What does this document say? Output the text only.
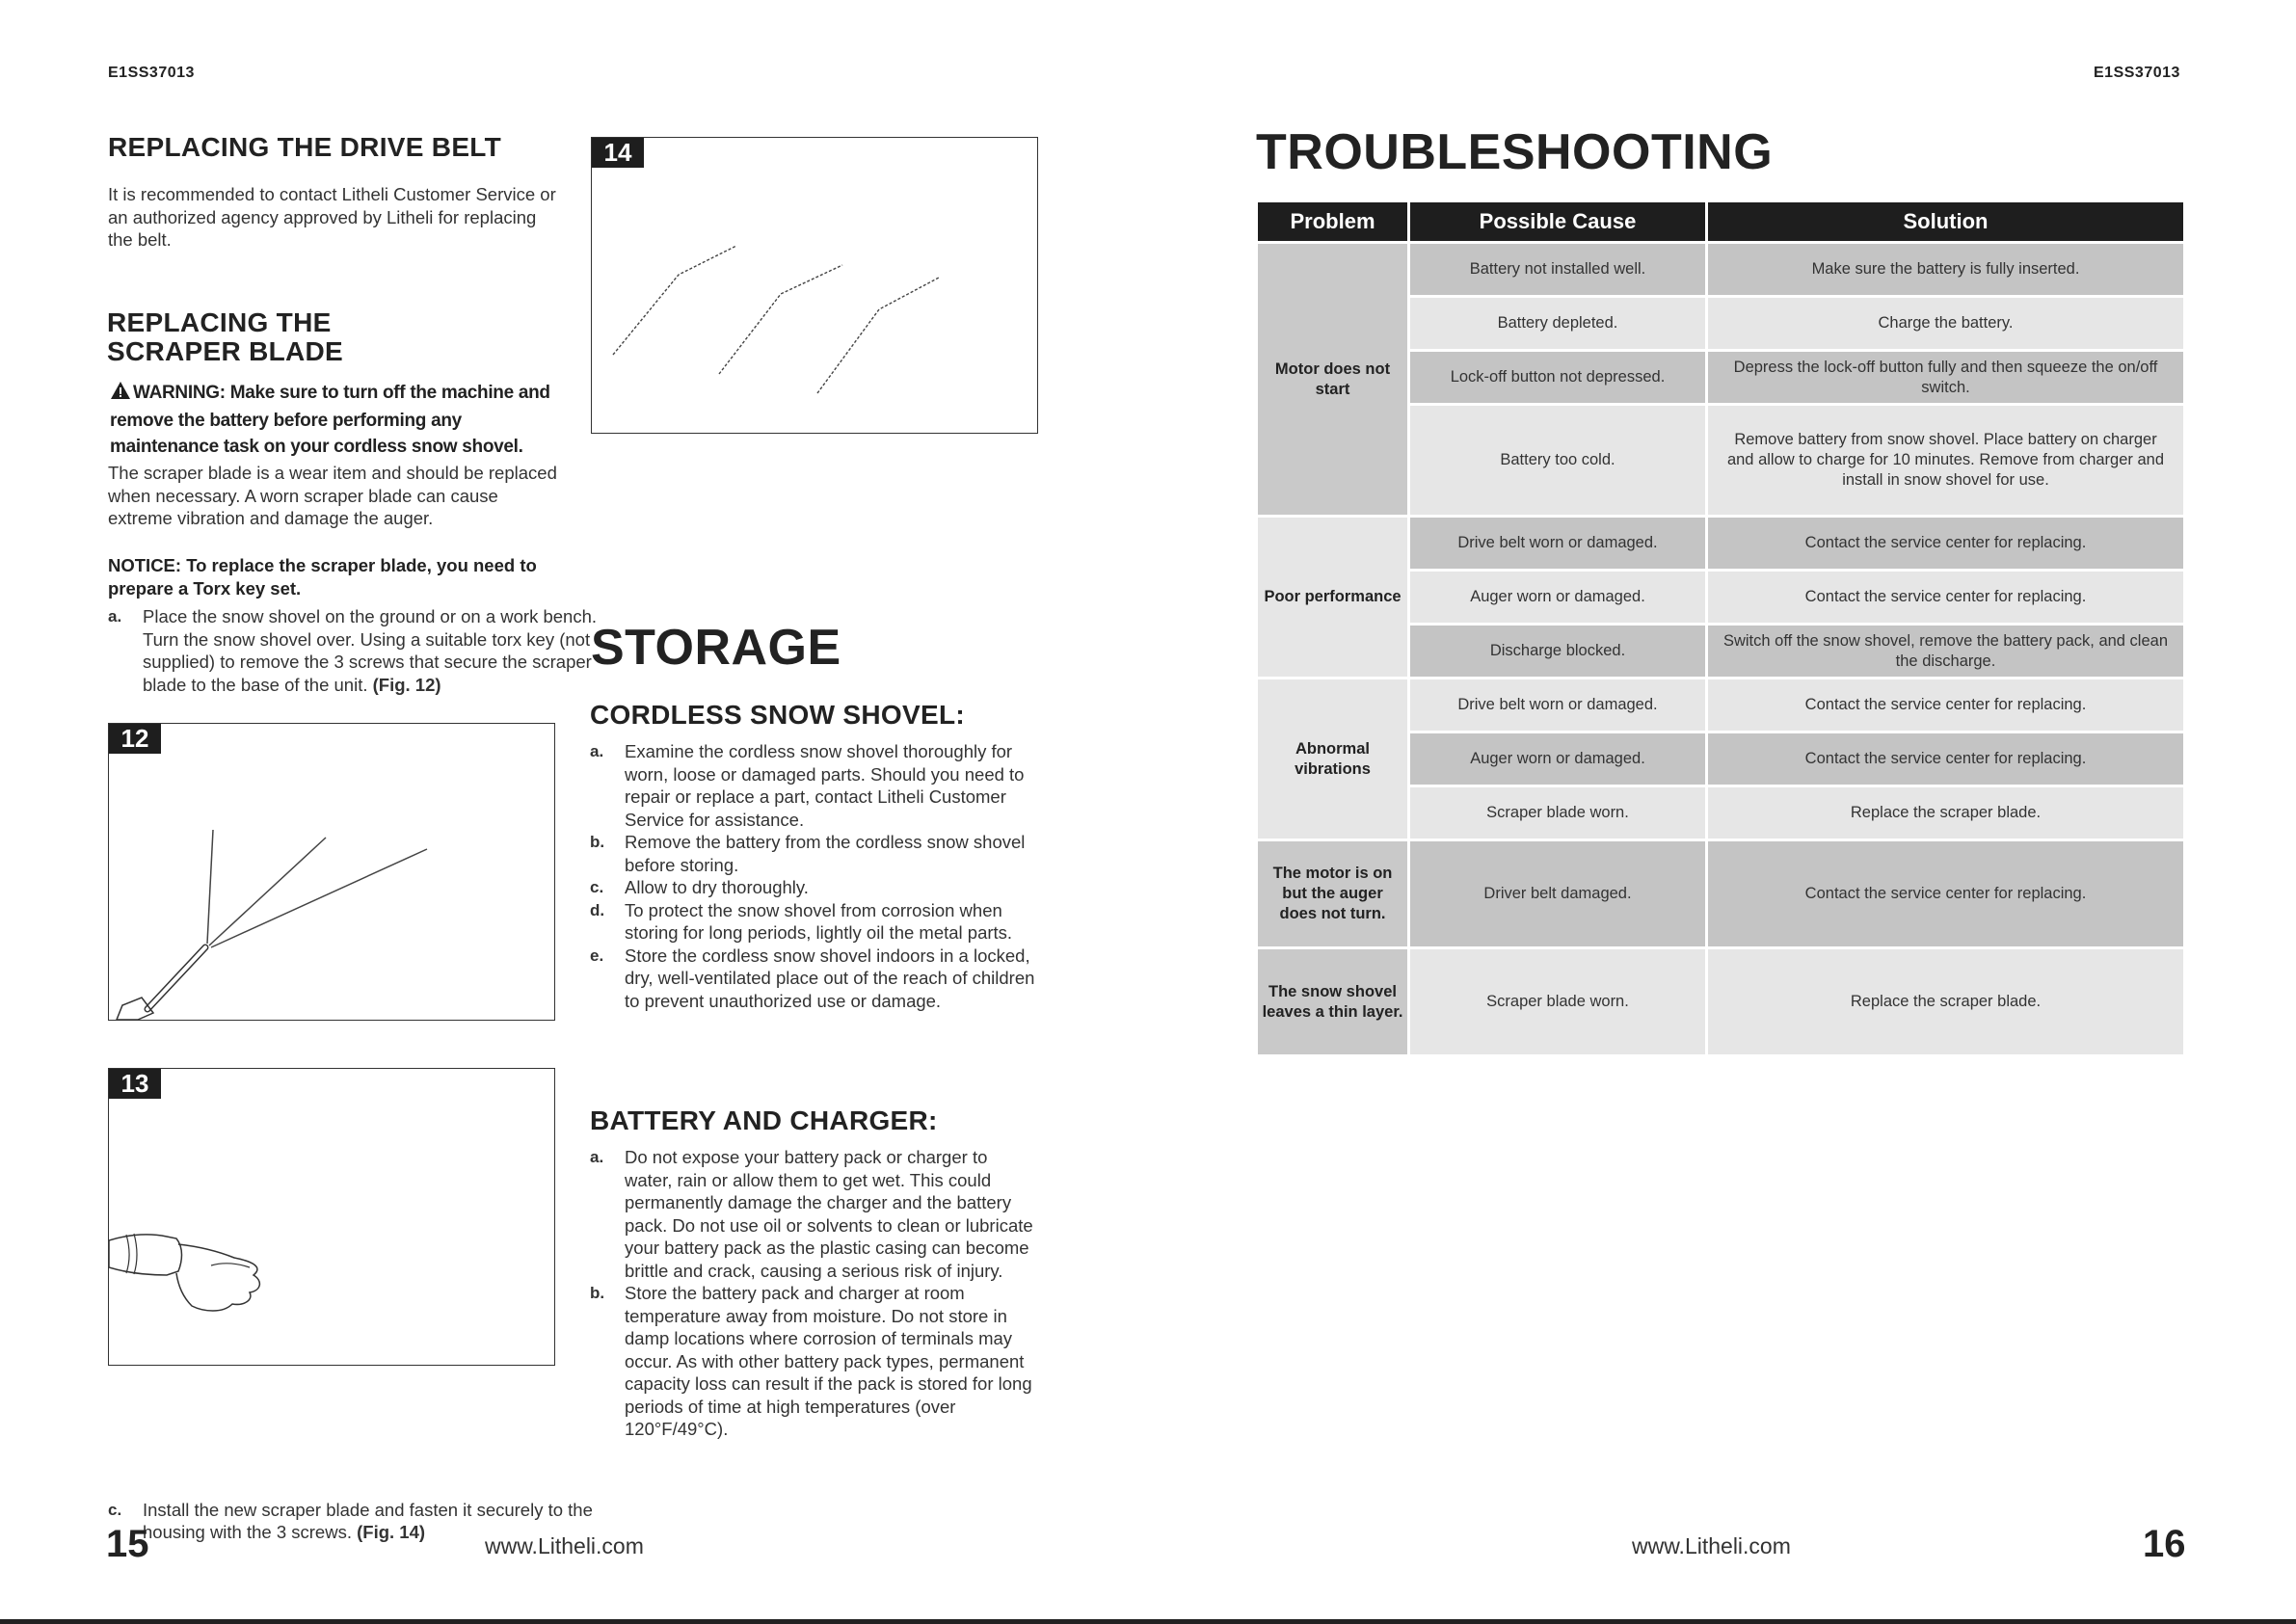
E1SS37013	E1SS37013
REPLACING THE DRIVE BELT
It is recommended to contact Litheli Customer Service or an authorized agency approved by Litheli for replacing the belt.
REPLACING THE
SCRAPER BLADE
WARNING: Make sure to turn off the machine and remove the battery before performing any maintenance task on your cordless snow shovel.
The scraper blade is a wear item and should be replaced when necessary. A worn scraper blade can cause extreme vibration and damage the auger.
NOTICE: To replace the scraper blade, you need to prepare a Torx key set.
a. Place the snow shovel on the ground or on a work bench. Turn the snow shovel over. Using a suitable torx key (not supplied) to remove the 3 screws that secure the scraper blade to the base of the unit. (Fig. 12)
12
13
c. Install the new scraper blade and fasten it securely to the housing with the 3 screws. (Fig. 14)
14
STORAGE
CORDLESS SNOW SHOVEL:
a. Examine the cordless snow shovel thoroughly for worn, loose or damaged parts. Should you need to repair or replace a part, contact Litheli Customer Service for assistance.
b. Remove the battery from the cordless snow shovel before storing.
c. Allow to dry thoroughly.
d. To protect the snow shovel from corrosion when storing for long periods, lightly oil the metal parts.
e. Store the cordless snow shovel indoors in a locked, dry, well-ventilated place out of the reach of children to prevent unauthorized use or damage.
BATTERY AND CHARGER:
a. Do not expose your battery pack or charger to water, rain or allow them to get wet. This could permanently damage the charger and the battery pack. Do not use oil or solvents to clean or lubricate your battery pack as the plastic casing can become brittle and crack, causing a serious risk of injury.
b. Store the battery pack and charger at room temperature away from moisture. Do not store in damp locations where corrosion of terminals may occur. As with other battery pack types, permanent capacity loss can result if the pack is stored for long periods of time at high temperatures (over 120°F/49°C).
TROUBLESHOOTING
Problem	Possible Cause	Solution
Motor does not start	Battery not installed well.	Make sure the battery is fully inserted.
	Battery depleted.	Charge the battery.
	Lock-off button not depressed.	Depress the lock-off button fully and then squeeze the on/off switch.
	Battery too cold.	Remove battery from snow shovel. Place battery on charger and allow to charge for 10 minutes. Remove from charger and install in snow shovel for use.
Poor performance	Drive belt worn or damaged.	Contact the service center for replacing.
	Auger worn or damaged.	Contact the service center for replacing.
	Discharge blocked.	Switch off the snow shovel, remove the battery pack, and clean the discharge.
Abnormal vibrations	Drive belt worn or damaged.	Contact the service center for replacing.
	Auger worn or damaged.	Contact the service center for replacing.
	Scraper blade worn.	Replace the scraper blade.
The motor is on but the auger does not turn.	Driver belt damaged.	Contact the service center for replacing.
The snow shovel leaves a thin layer.	Scraper blade worn.	Replace the scraper blade.
15	www.Litheli.com	www.Litheli.com	16
